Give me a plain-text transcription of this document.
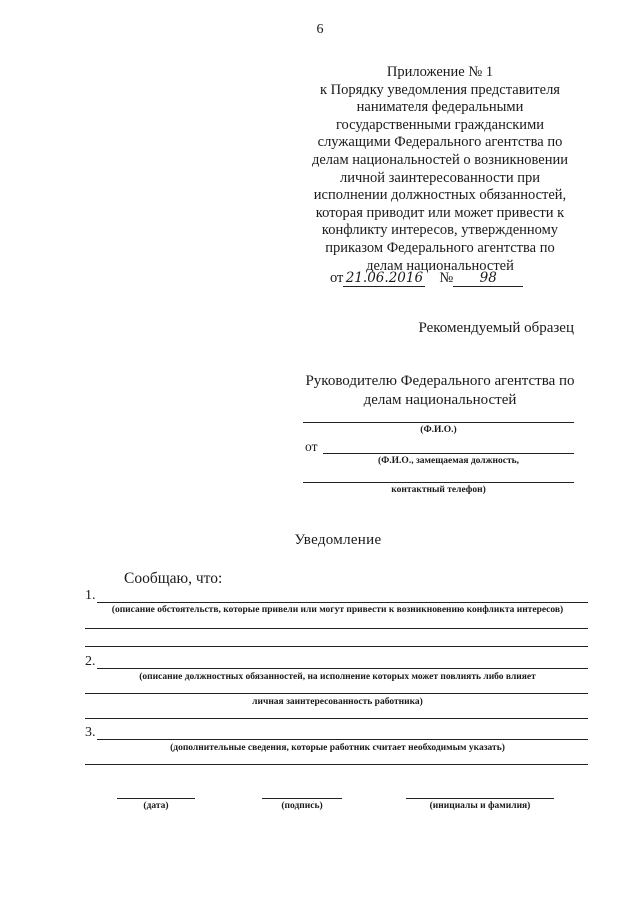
6
Приложение № 1
к Порядку уведомления представителя
нанимателя федеральными
государственными гражданскими
служащими Федерального агентства по
делам национальностей о возникновении
личной заинтересованности при
исполнении должностных обязанностей,
которая приводит или может привести к
конфликту интересов, утвержденному
приказом Федерального агентства по
делам национальностей
от 21.06.2016 № 98
Рекомендуемый образец
Руководителю Федерального агентства по
делам национальностей
(Ф.И.О.)
от
(Ф.И.О., замещаемая должность,
контактный телефон)
Уведомление
Сообщаю, что:
1.
(описание обстоятельств, которые привели или могут привести к возникновению конфликта интересов)
2.
(описание должностных обязанностей, на исполнение которых может повлиять либо влияет
личная заинтересованность работника)
3.
(дополнительные сведения, которые работник считает необходимым указать)
(дата)	(подпись)	(инициалы и фамилия)
